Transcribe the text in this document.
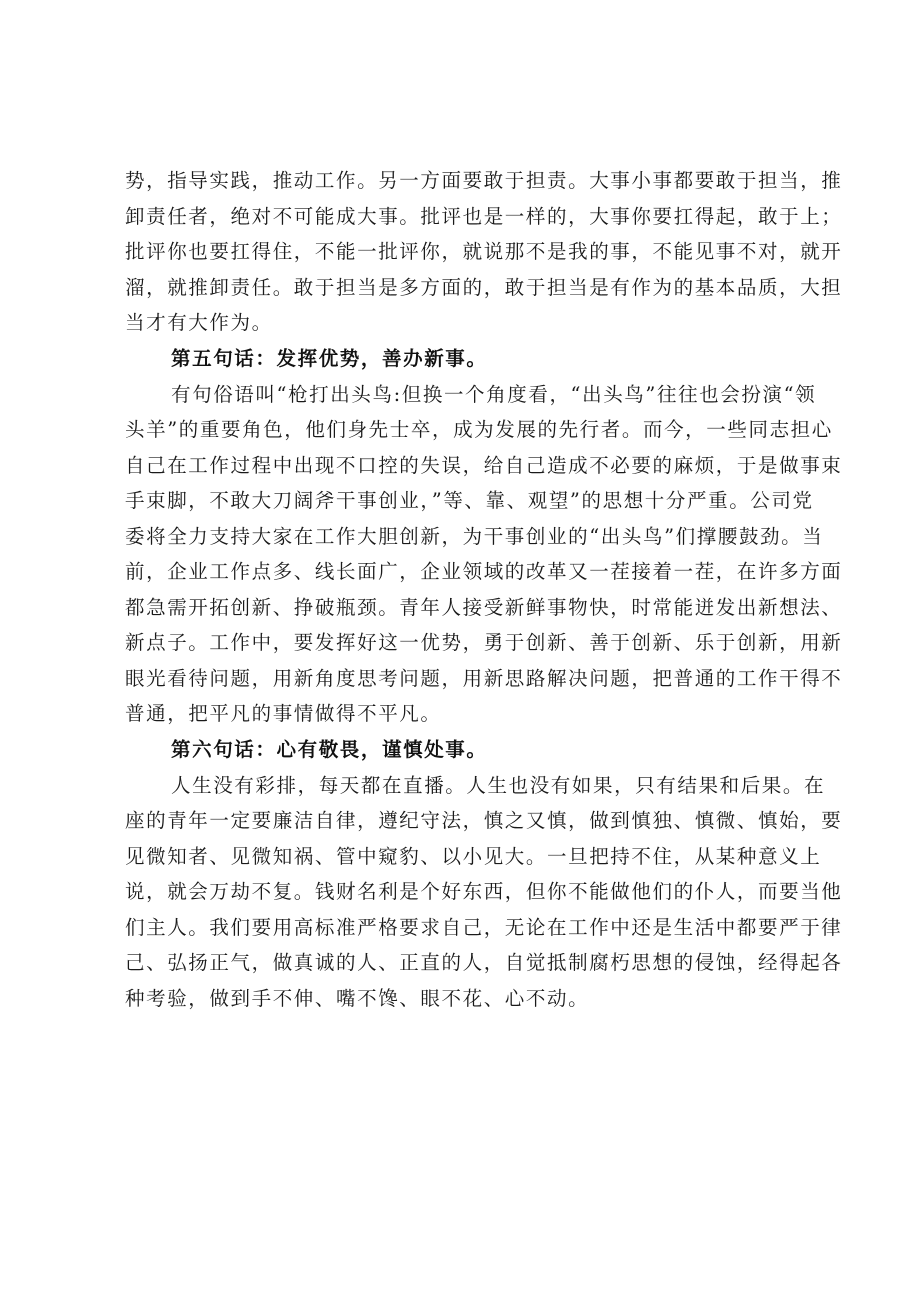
势，指导实践，推动工作。另一方面要敢于担责。大事小事都要敢于担当，推
卸责任者，绝对不可能成大事。批评也是一样的，大事你要扛得起，敢于上；
批评你也要扛得住，不能一批评你，就说那不是我的事，不能见事不对，就开
溜，就推卸责任。敢于担当是多方面的，敢于担当是有作为的基本品质，大担
当才有大作为。
第五句话：发挥优势，善办新事。
有句俗语叫“枪打出头鸟:但换一个角度看，“出头鸟”往往也会扮演“领
头羊”的重要角色，他们身先士卒，成为发展的先行者。而今，一些同志担心
自己在工作过程中出现不口控的失误，给自己造成不必要的麻烦，于是做事束
手束脚，不敢大刀阔斧干事创业，”等、靠、观望”的思想十分严重。公司党
委将全力支持大家在工作大胆创新，为干事创业的“出头鸟”们撑腰鼓劲。当
前，企业工作点多、线长面广，企业领域的改革又一茬接着一茬，在许多方面
都急需开拓创新、挣破瓶颈。青年人接受新鲜事物快，时常能迸发出新想法、
新点子。工作中，要发挥好这一优势，勇于创新、善于创新、乐于创新，用新
眼光看待问题，用新角度思考问题，用新思路解决问题，把普通的工作干得不
普通，把平凡的事情做得不平凡。
第六句话：心有敬畏，谨慎处事。
人生没有彩排，每天都在直播。人生也没有如果，只有结果和后果。在
座的青年一定要廉洁自律，遵纪守法，慎之又慎，做到慎独、慎微、慎始，要
见微知者、见微知祸、管中窥豹、以小见大。一旦把持不住，从某种意义上
说，就会万劫不复。钱财名利是个好东西，但你不能做他们的仆人，而要当他
们主人。我们要用高标准严格要求自己，无论在工作中还是生活中都要严于律
己、弘扬正气，做真诚的人、正直的人，自觉抵制腐朽思想的侵蚀，经得起各
种考验，做到手不伸、嘴不馋、眼不花、心不动。
